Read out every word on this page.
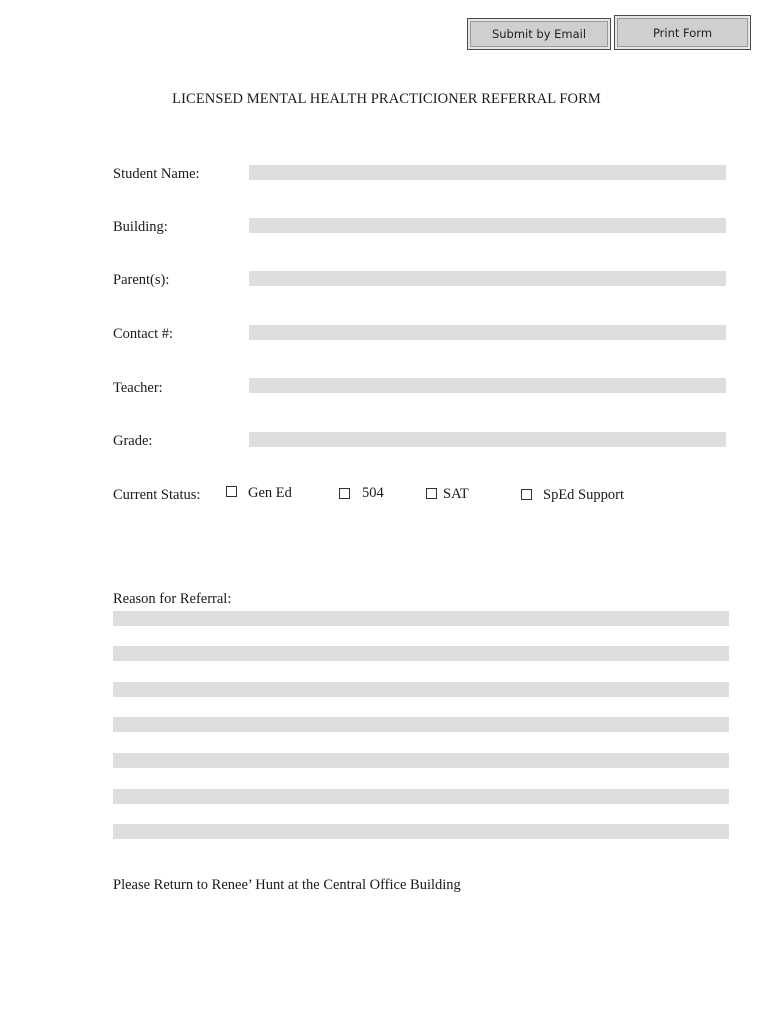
Submit by Email	Print Form
LICENSED MENTAL HEALTH PRACTICIONER REFERRAL FORM
Student Name:
Building:
Parent(s):
Contact #:
Teacher:
Grade:
Current Status:	Gen Ed	504	SAT	SpEd Support
Reason for Referral:
Please Return to Renee’ Hunt at the Central Office Building
